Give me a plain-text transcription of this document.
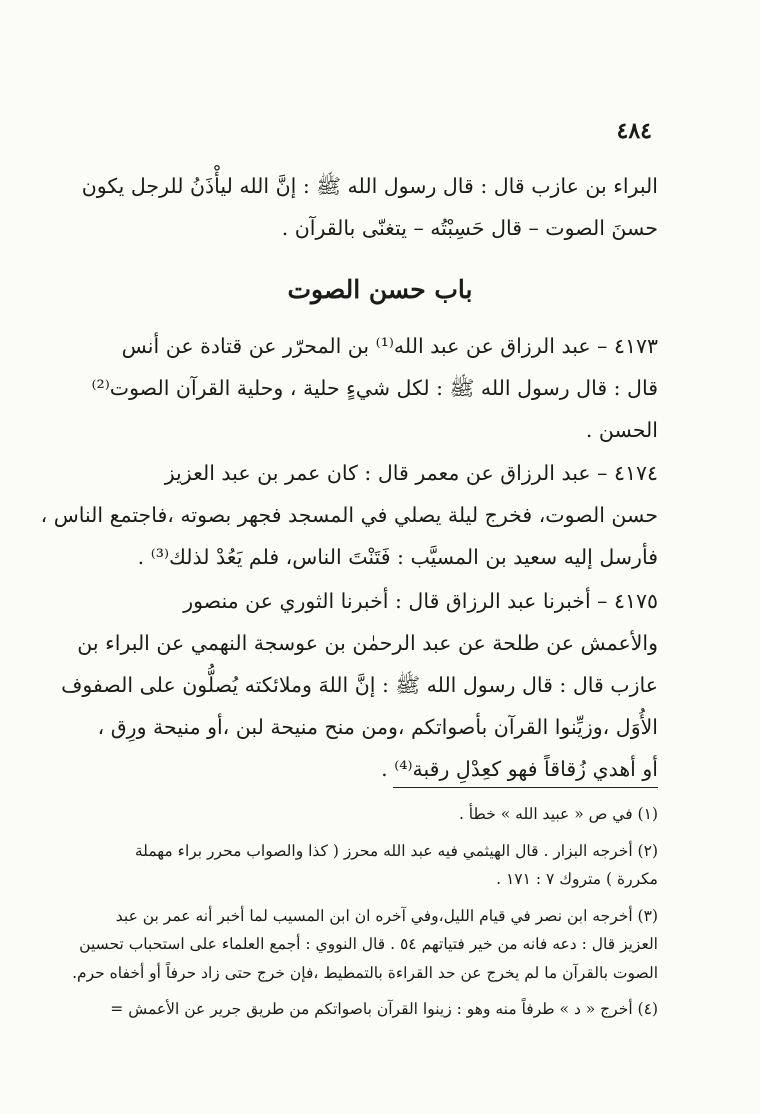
٤٨٤
البراء بن عازب قال : قال رسول الله ﷺ : إنَّ الله ليأْذَنُ للرجل يكون
حسنَ الصوت – قال حَسِبْتُه – يتغنّى بالقرآن .
باب حسن الصوت
٤١٧٣ – عبد الرزاق عن عبد الله⁽¹⁾ بن المحرّر عن قتادة عن أنس
قال : قال رسول الله ﷺ : لكل شيءٍ حلية ، وحلية القرآن الصوت⁽²⁾
الحسن .
٤١٧٤ – عبد الرزاق عن معمر قال : كان عمر بن عبد العزيز
حسن الصوت، فخرج ليلة يصلي في المسجد فجهر بصوته ،فاجتمع الناس ،
فأرسل إليه سعيد بن المسيَّب : فَتَنْتَ الناس، فلم يَعُدْ لذلك⁽³⁾ .
٤١٧٥ – أخبرنا عبد الرزاق قال : أخبرنا الثوري عن منصور
والأعمش عن طلحة عن عبد الرحمٰن بن عوسجة النهمي عن البراء بن
عازب قال : قال رسول الله ﷺ : إنَّ اللهَ وملائكته يُصلُّون على الصفوف
الأُوَل ،وزيِّنوا القرآن بأصواتكم ،ومن منح منيحة لبن ،أو منيحة ورِق ،
أو أهدي زُقاقاً فهو كعِدْلِ رقبة⁽⁴⁾ .
(١) في ص « عبيد الله » خطأ .
(٢) أخرجه البزار . قال الهيثمي فيه عبد الله محرز ( كذا والصواب محرر براء مهملة
مكررة ) متروك ٧ : ١٧١ .
(٣) أخرجه ابن نصر في قيام الليل،وفي آخره ان ابن المسيب لما أخبر أنه عمر بن عبد
العزيز قال : دعه فانه من خير فتياتهم ٥٤ . قال النووي : أجمع العلماء على استحباب تحسين
الصوت بالقرآن ما لم يخرج عن حد القراءة بالتمطيط ،فإن خرج حتى زاد حرفاً أو أخفاه حرم.
(٤) أخرج « د » طرفاً منه وهو : زينوا القرآن باصواتكم من طريق جرير عن الأعمش =
